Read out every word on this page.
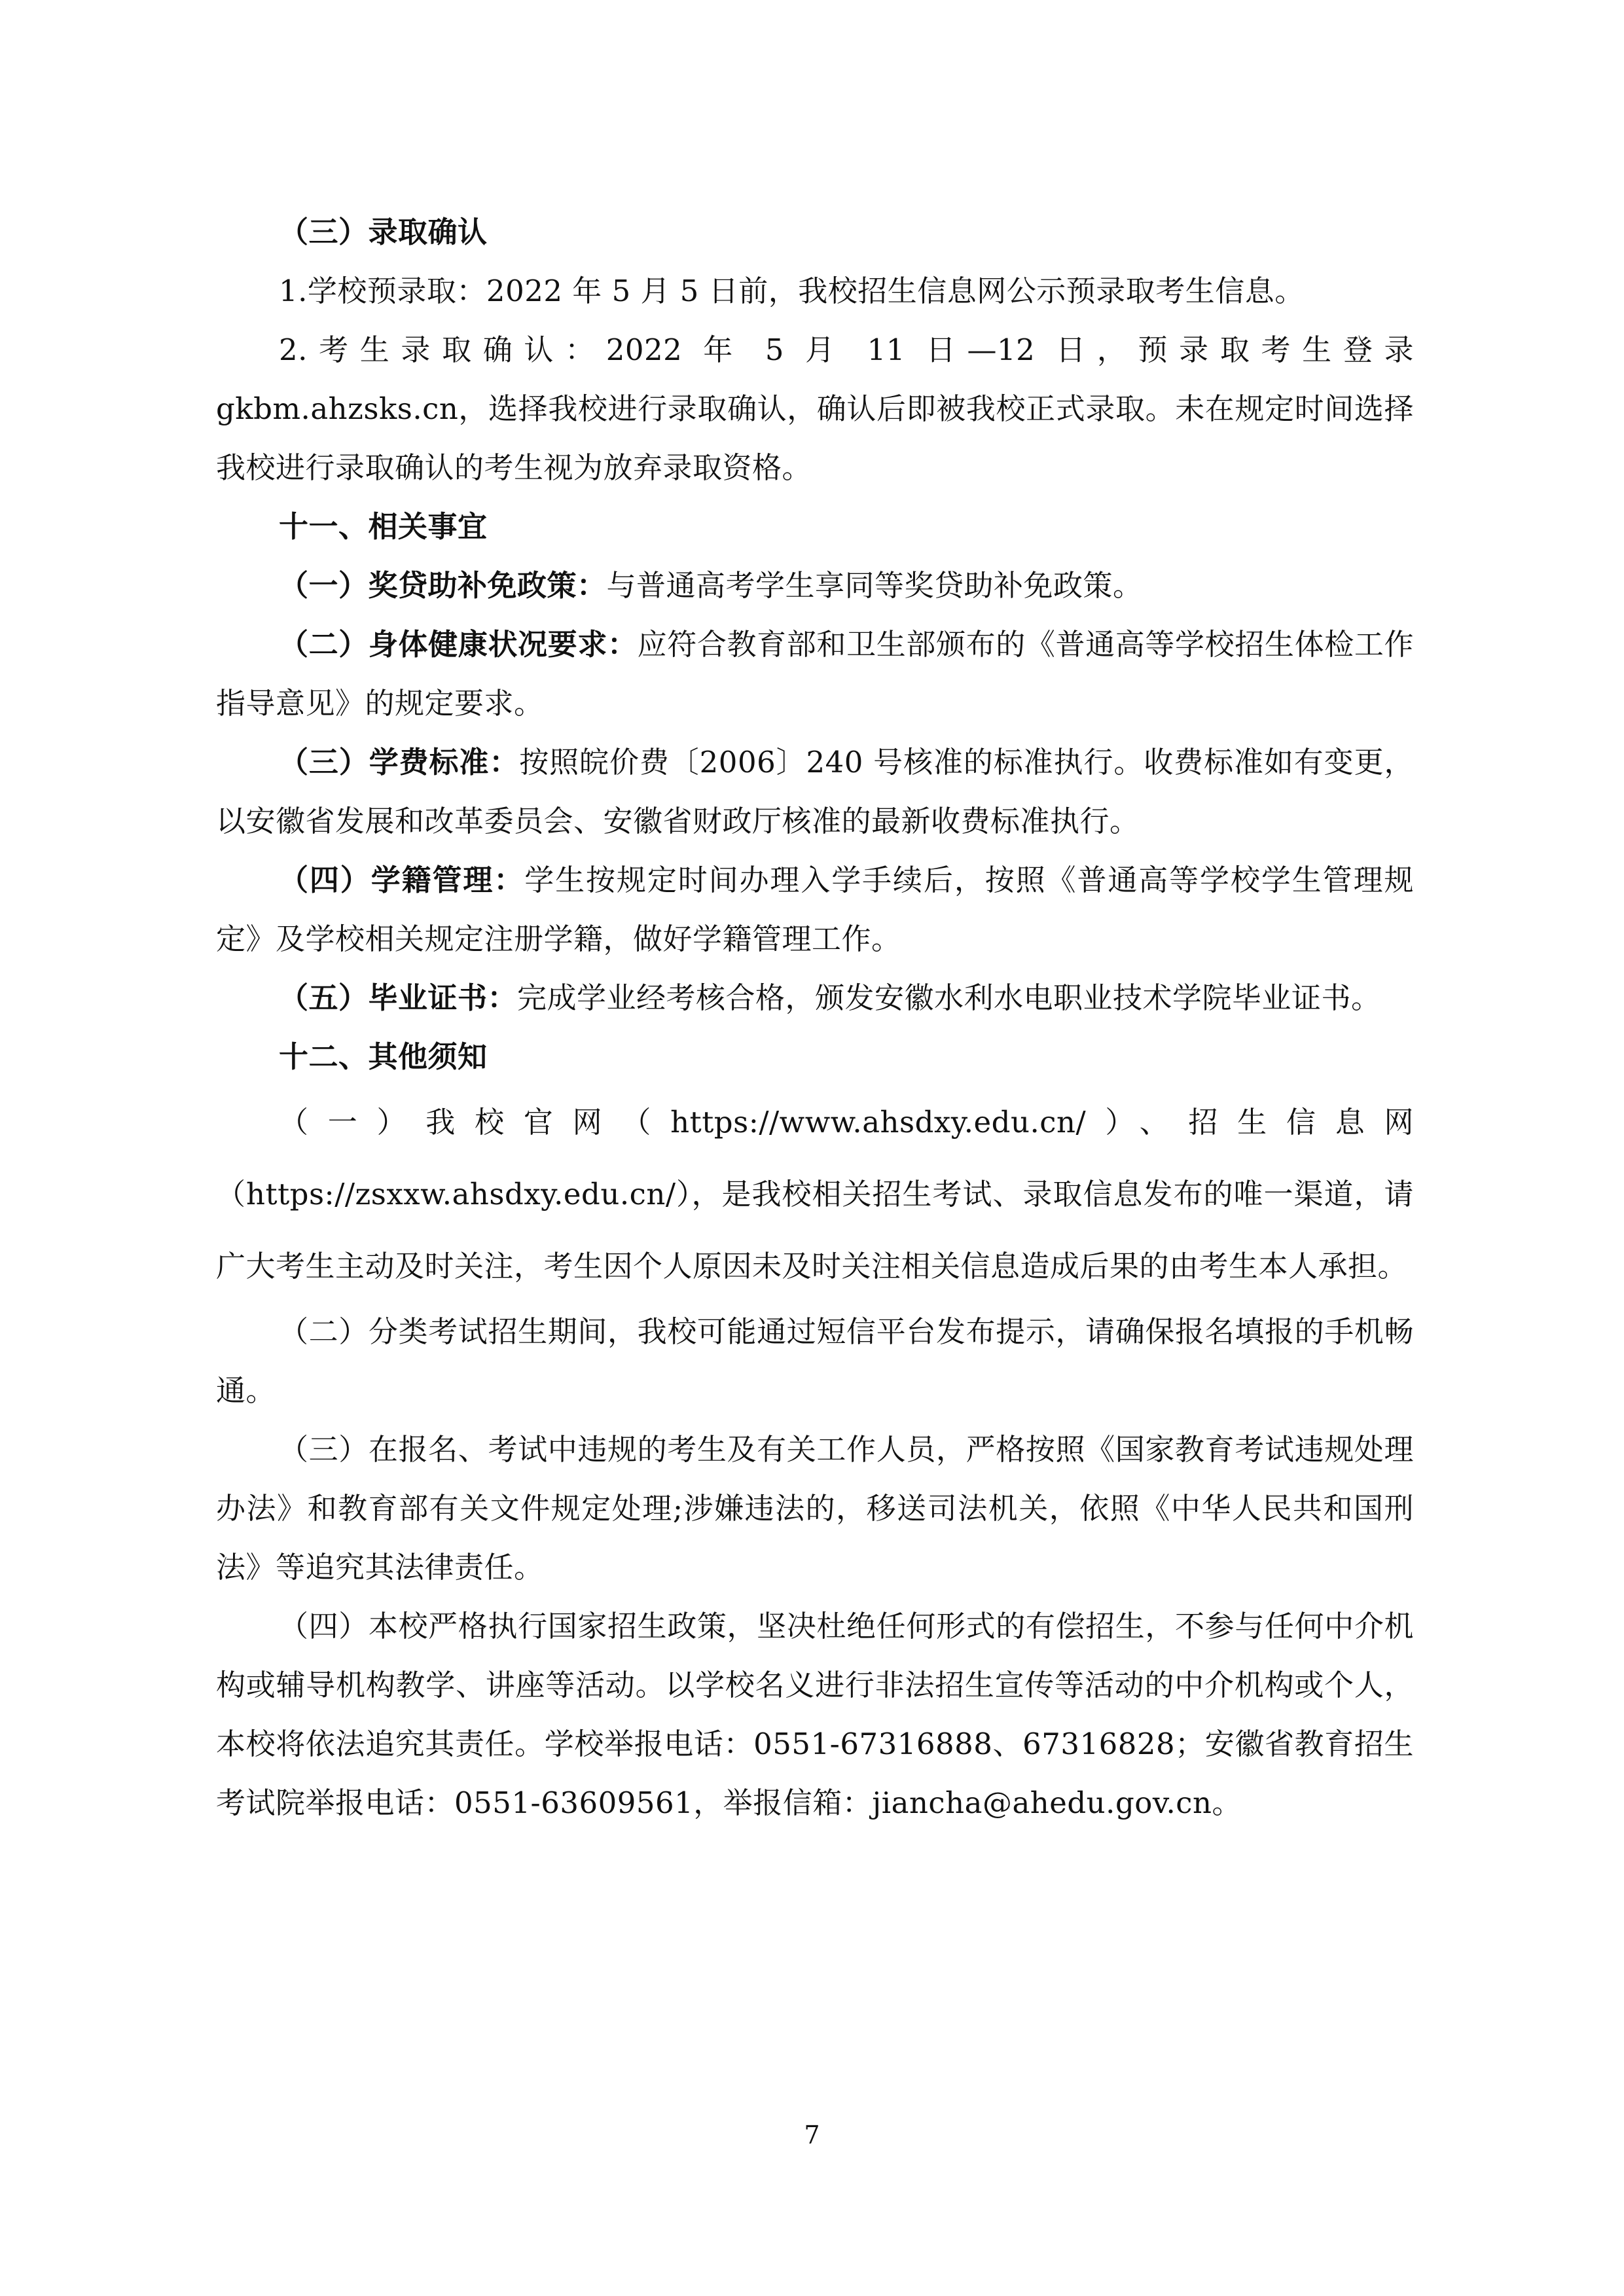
（三）录取确认

1.学校预录取：2022 年 5 月 5 日前，我校招生信息网公示预录取考生信息。

2.考生录取确认：2022 年 5 月 11 日—12 日，预录取考生登录 gkbm.ahzsks.cn，选择我校进行录取确认，确认后即被我校正式录取。未在规定时间选择我校进行录取确认的考生视为放弃录取资格。

十一、相关事宜

（一）奖贷助补免政策：与普通高考学生享同等奖贷助补免政策。

（二）身体健康状况要求：应符合教育部和卫生部颁布的《普通高等学校招生体检工作指导意见》的规定要求。

（三）学费标准：按照皖价费〔2006〕240 号核准的标准执行。收费标准如有变更，以安徽省发展和改革委员会、安徽省财政厅核准的最新收费标准执行。

（四）学籍管理：学生按规定时间办理入学手续后，按照《普通高等学校学生管理规定》及学校相关规定注册学籍，做好学籍管理工作。

（五）毕业证书：完成学业经考核合格，颁发安徽水利水电职业技术学院毕业证书。

十二、其他须知

（一）我校官网（https://www.ahsdxy.edu.cn/）、招生信息网

（https://zsxxw.ahsdxy.edu.cn/），是我校相关招生考试、录取信息发布的唯一渠道，请广大考生主动及时关注，考生因个人原因未及时关注相关信息造成后果的由考生本人承担。

（二）分类考试招生期间，我校可能通过短信平台发布提示，请确保报名填报的手机畅通。

（三）在报名、考试中违规的考生及有关工作人员，严格按照《国家教育考试违规处理办法》和教育部有关文件规定处理;涉嫌违法的，移送司法机关，依照《中华人民共和国刑法》等追究其法律责任。

（四）本校严格执行国家招生政策，坚决杜绝任何形式的有偿招生，不参与任何中介机构或辅导机构教学、讲座等活动。以学校名义进行非法招生宣传等活动的中介机构或个人，本校将依法追究其责任。学校举报电话：0551-67316888、67316828；安徽省教育招生考试院举报电话：0551-63609561，举报信箱：jiancha@ahedu.gov.cn。

7
